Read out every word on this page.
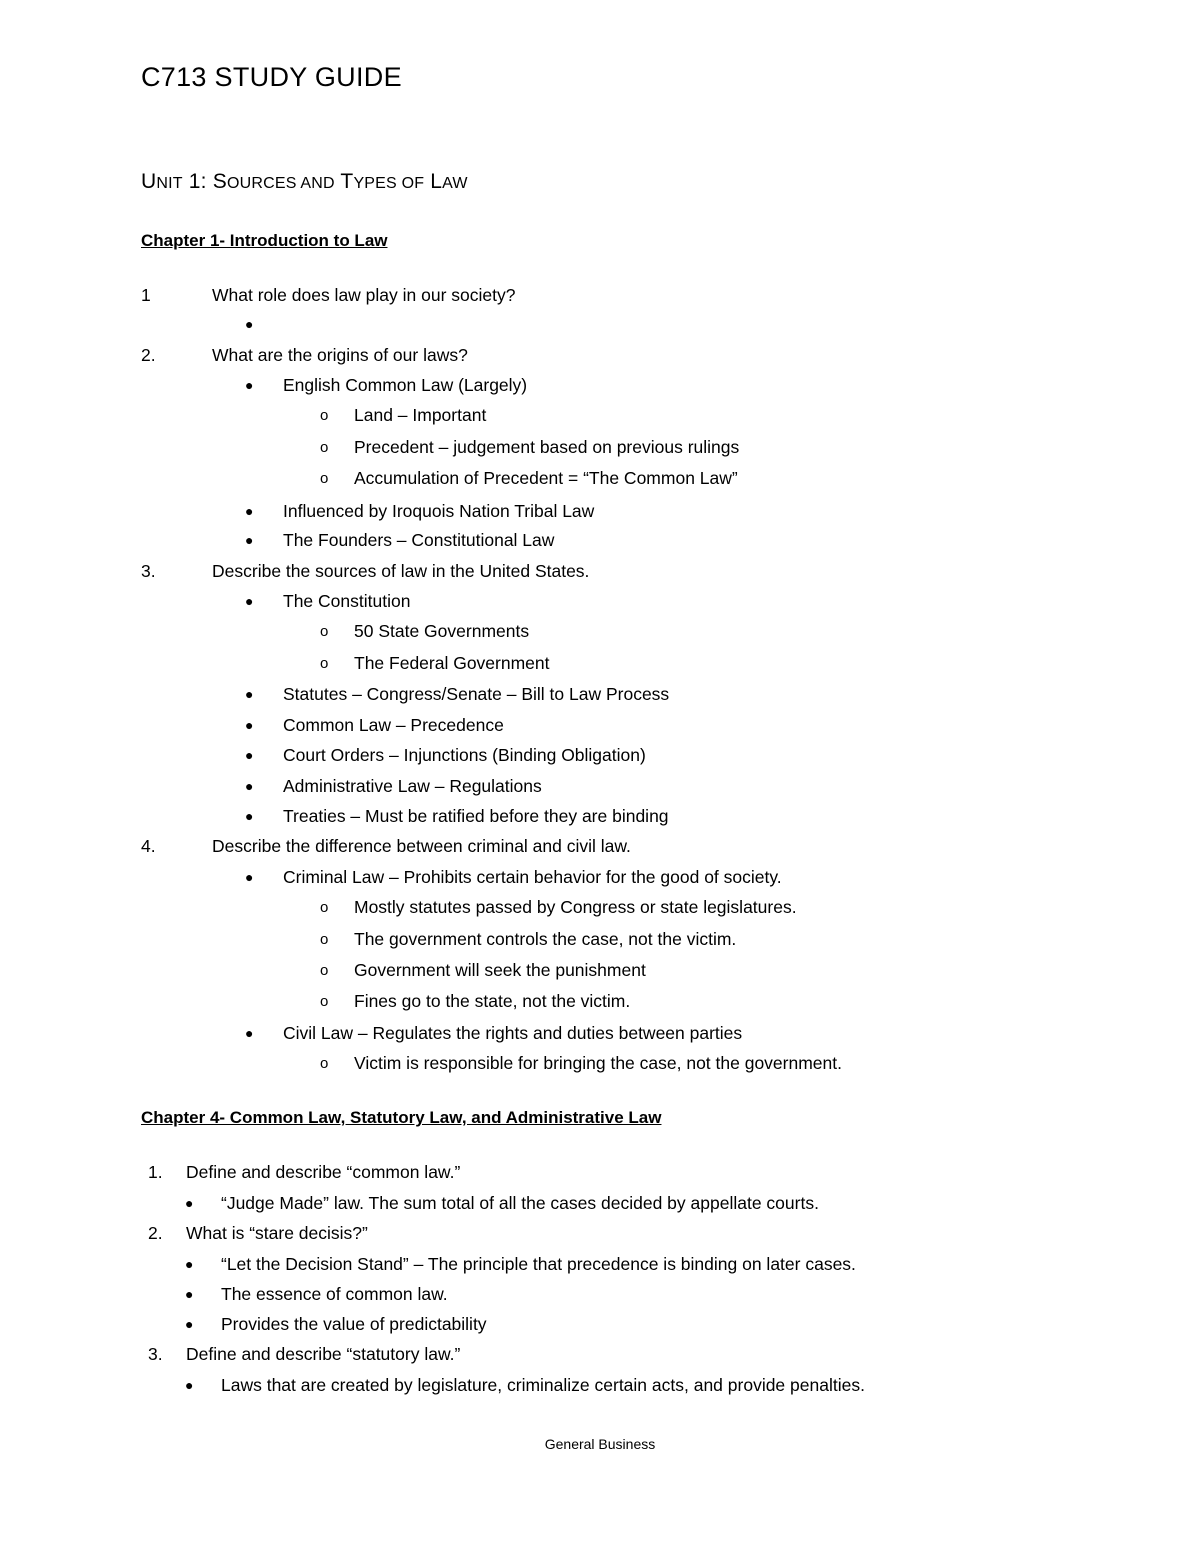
C713 STUDY GUIDE
UNIT 1: SOURCES AND TYPES OF LAW
Chapter 1- Introduction to Law
1	What role does law play in our society?
●
2.	What are the origins of our laws?
● English Common Law (Largely)
o Land – Important
o Precedent – judgement based on previous rulings
o Accumulation of Precedent = “The Common Law”
● Influenced by Iroquois Nation Tribal Law
● The Founders – Constitutional Law
3.	Describe the sources of law in the United States.
● The Constitution
o 50 State Governments
o The Federal Government
● Statutes – Congress/Senate – Bill to Law Process
● Common Law – Precedence
● Court Orders – Injunctions (Binding Obligation)
● Administrative Law – Regulations
● Treaties – Must be ratified before they are binding
4.	Describe the difference between criminal and civil law.
● Criminal Law – Prohibits certain behavior for the good of society.
o Mostly statutes passed by Congress or state legislatures.
o The government controls the case, not the victim.
o Government will seek the punishment
o Fines go to the state, not the victim.
● Civil Law – Regulates the rights and duties between parties
o Victim is responsible for bringing the case, not the government.
Chapter 4- Common Law, Statutory Law, and Administrative Law
1. Define and describe “common law.”
● “Judge Made” law. The sum total of all the cases decided by appellate courts.
2. What is “stare decisis?”
● “Let the Decision Stand” – The principle that precedence is binding on later cases.
● The essence of common law.
● Provides the value of predictability
3. Define and describe “statutory law.”
● Laws that are created by legislature, criminalize certain acts, and provide penalties.
General Business
